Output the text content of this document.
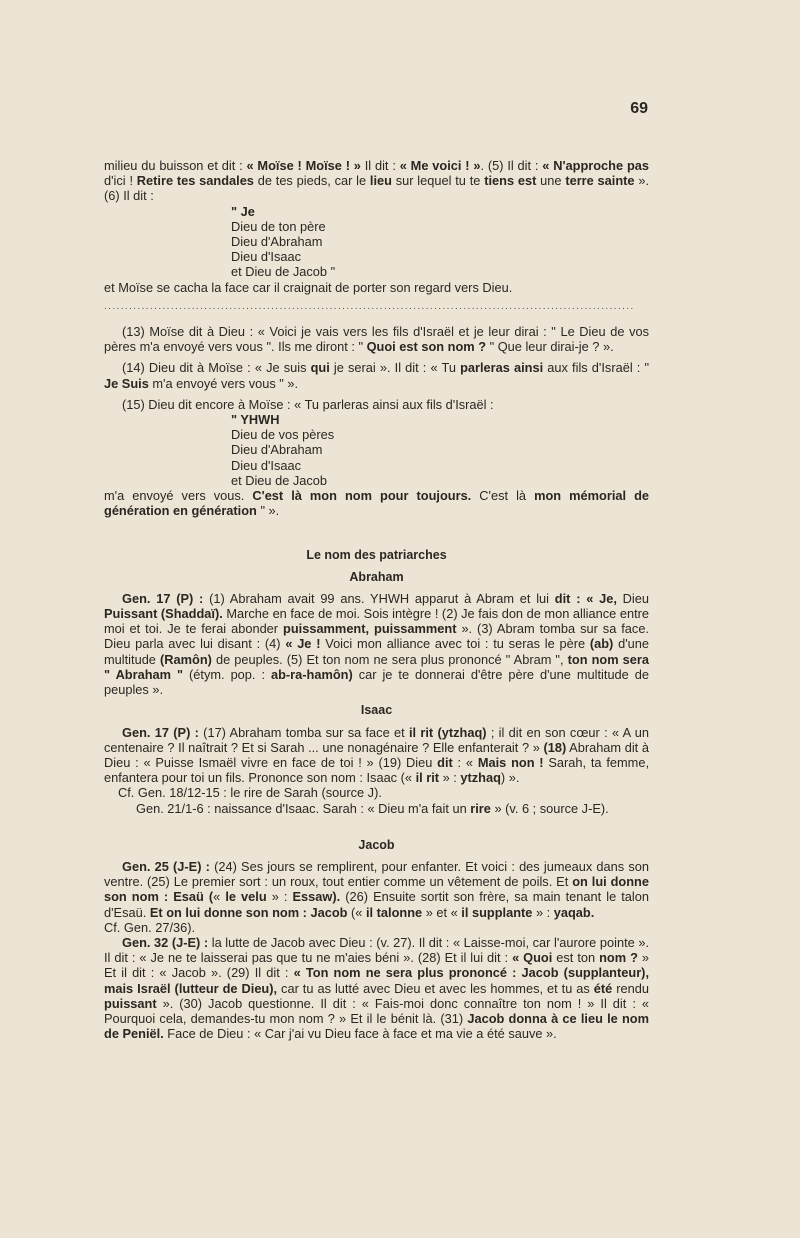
69

milieu du buisson et dit : « Moïse ! Moïse ! » Il dit : « Me voici ! ». (5) Il dit : « N'approche pas d'ici ! Retire tes sandales de tes pieds, car le lieu sur lequel tu te tiens est une terre sainte ». (6) Il dit :

" Je
Dieu de ton père
Dieu d'Abraham
Dieu d'Isaac
et Dieu de Jacob "

et Moïse se cacha la face car il craignait de porter son regard vers Dieu.

...............................................................................................................................

(13) Moïse dit à Dieu : « Voici je vais vers les fils d'Israël et je leur dirai : " Le Dieu de vos pères m'a envoyé vers vous ". Ils me diront : " Quoi est son nom ? " Que leur dirai-je ? ».

(14) Dieu dit à Moïse : « Je suis qui je serai ». Il dit : « Tu parleras ainsi aux fils d'Israël : " Je Suis m'a envoyé vers vous " ».

(15) Dieu dit encore à Moïse : « Tu parleras ainsi aux fils d'Israël :

" YHWH
Dieu de vos pères
Dieu d'Abraham
Dieu d'Isaac
et Dieu de Jacob

m'a envoyé vers vous. C'est là mon nom pour toujours. C'est là mon mémorial de génération en génération " ».

Le nom des patriarches

Abraham

Gen. 17 (P) : (1) Abraham avait 99 ans. YHWH apparut à Abram et lui dit : « Je, Dieu Puissant (Shaddaï). Marche en face de moi. Sois intègre ! (2) Je fais don de mon alliance entre moi et toi. Je te ferai abonder puissamment, puissamment ». (3) Abram tomba sur sa face. Dieu parla avec lui disant : (4) « Je ! Voici mon alliance avec toi : tu seras le père (ab) d'une multitude (Ramôn) de peuples. (5) Et ton nom ne sera plus prononcé " Abram ", ton nom sera " Abraham " (étym. pop. : ab-ra-hamôn) car je te donnerai d'être père d'une multitude de peuples ».

Isaac

Gen. 17 (P) : (17) Abraham tomba sur sa face et il rit (ytzhaq) ; il dit en son cœur : « A un centenaire ? Il naîtrait ? Et si Sarah ... une nonagénaire ? Elle enfanterait ? » (18) Abraham dit à Dieu : « Puisse Ismaël vivre en face de toi ! » (19) Dieu dit : « Mais non ! Sarah, ta femme, enfantera pour toi un fils. Prononce son nom : Isaac (« il rit » : ytzhaq) ».

Cf. Gen. 18/12-15 : le rire de Sarah (source J).

Gen. 21/1-6 : naissance d'Isaac. Sarah : « Dieu m'a fait un rire » (v. 6 ; source J-E).

Jacob

Gen. 25 (J-E) : (24) Ses jours se remplirent, pour enfanter. Et voici : des jumeaux dans son ventre. (25) Le premier sort : un roux, tout entier comme un vêtement de poils. Et on lui donne son nom : Esaü (« le velu » : Essaw). (26) Ensuite sortit son frère, sa main tenant le talon d'Esaü. Et on lui donne son nom : Jacob (« il talonne » et « il supplante » : yaqab.

Cf. Gen. 27/36).

Gen. 32 (J-E) : la lutte de Jacob avec Dieu : (v. 27). Il dit : « Laisse-moi, car l'aurore pointe ». Il dit : « Je ne te laisserai pas que tu ne m'aies béni ». (28) Et il lui dit : « Quoi est ton nom ? » Et il dit : « Jacob ». (29) Il dit : « Ton nom ne sera plus prononcé : Jacob (supplanteur), mais Israël (lutteur de Dieu), car tu as lutté avec Dieu et avec les hommes, et tu as été rendu puissant ». (30) Jacob questionne. Il dit : « Fais-moi donc connaître ton nom ! » Il dit : « Pourquoi cela, demandes-tu mon nom ? » Et il le bénit là. (31) Jacob donna à ce lieu le nom de Peniël. Face de Dieu : « Car j'ai vu Dieu face à face et ma vie a été sauve ».
